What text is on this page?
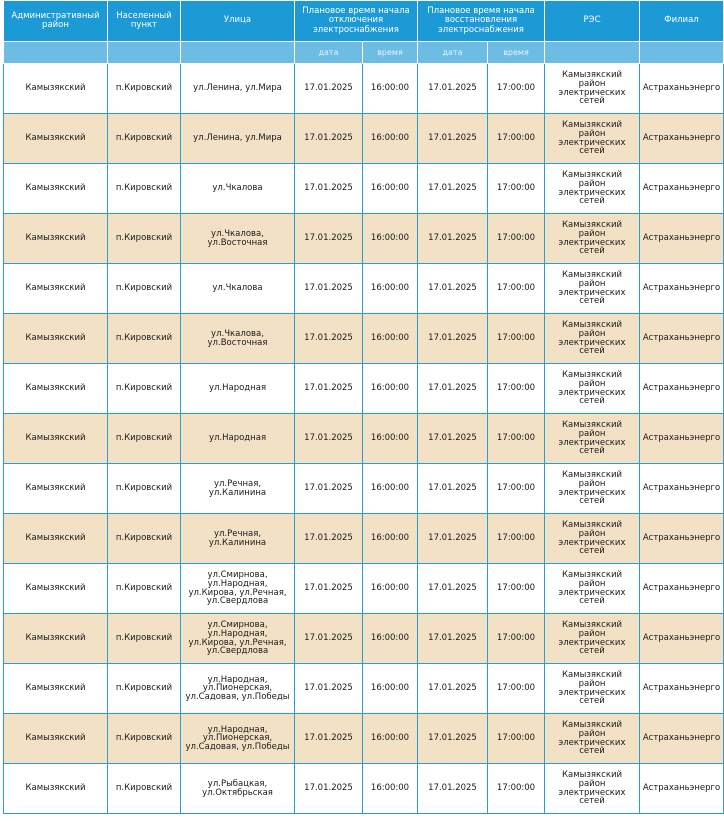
Административный район	Населенный пункт	Улица	Плановое время начала отключения электроснабжения		Плановое время начала восстановления электроснабжения		РЭС	Филиал
			дата	время	дата	время		
Камызякский	п.Кировский	ул.Ленина, ул.Мира	17.01.2025	16:00:00	17.01.2025	17:00:00	Камызякский район электрических сетей	Астраханьэнерго
Камызякский	п.Кировский	ул.Ленина, ул.Мира	17.01.2025	16:00:00	17.01.2025	17:00:00	Камызякский район электрических сетей	Астраханьэнерго
Камызякский	п.Кировский	ул.Чкалова	17.01.2025	16:00:00	17.01.2025	17:00:00	Камызякский район электрических сетей	Астраханьэнерго
Камызякский	п.Кировский	ул.Чкалова, ул.Восточная	17.01.2025	16:00:00	17.01.2025	17:00:00	Камызякский район электрических сетей	Астраханьэнерго
Камызякский	п.Кировский	ул.Чкалова	17.01.2025	16:00:00	17.01.2025	17:00:00	Камызякский район электрических сетей	Астраханьэнерго
Камызякский	п.Кировский	ул.Чкалова, ул.Восточная	17.01.2025	16:00:00	17.01.2025	17:00:00	Камызякский район электрических сетей	Астраханьэнерго
Камызякский	п.Кировский	ул.Народная	17.01.2025	16:00:00	17.01.2025	17:00:00	Камызякский район электрических сетей	Астраханьэнерго
Камызякский	п.Кировский	ул.Народная	17.01.2025	16:00:00	17.01.2025	17:00:00	Камызякский район электрических сетей	Астраханьэнерго
Камызякский	п.Кировский	ул.Речная, ул.Калинина	17.01.2025	16:00:00	17.01.2025	17:00:00	Камызякский район электрических сетей	Астраханьэнерго
Камызякский	п.Кировский	ул.Речная, ул.Калинина	17.01.2025	16:00:00	17.01.2025	17:00:00	Камызякский район электрических сетей	Астраханьэнерго
Камызякский	п.Кировский	ул.Смирнова, ул.Народная, ул.Кирова, ул.Речная, ул.Свердлова	17.01.2025	16:00:00	17.01.2025	17:00:00	Камызякский район электрических сетей	Астраханьэнерго
Камызякский	п.Кировский	ул.Смирнова, ул.Народная, ул.Кирова, ул.Речная, ул.Свердлова	17.01.2025	16:00:00	17.01.2025	17:00:00	Камызякский район электрических сетей	Астраханьэнерго
Камызякский	п.Кировский	ул.Народная, ул.Пионерская, ул.Садовая, ул.Победы	17.01.2025	16:00:00	17.01.2025	17:00:00	Камызякский район электрических сетей	Астраханьэнерго
Камызякский	п.Кировский	ул.Народная, ул.Пионерская, ул.Садовая, ул.Победы	17.01.2025	16:00:00	17.01.2025	17:00:00	Камызякский район электрических сетей	Астраханьэнерго
Камызякский	п.Кировский	ул.Рыбацкая, ул.Октябрьская	17.01.2025	16:00:00	17.01.2025	17:00:00	Камызякский район электрических сетей	Астраханьэнерго
